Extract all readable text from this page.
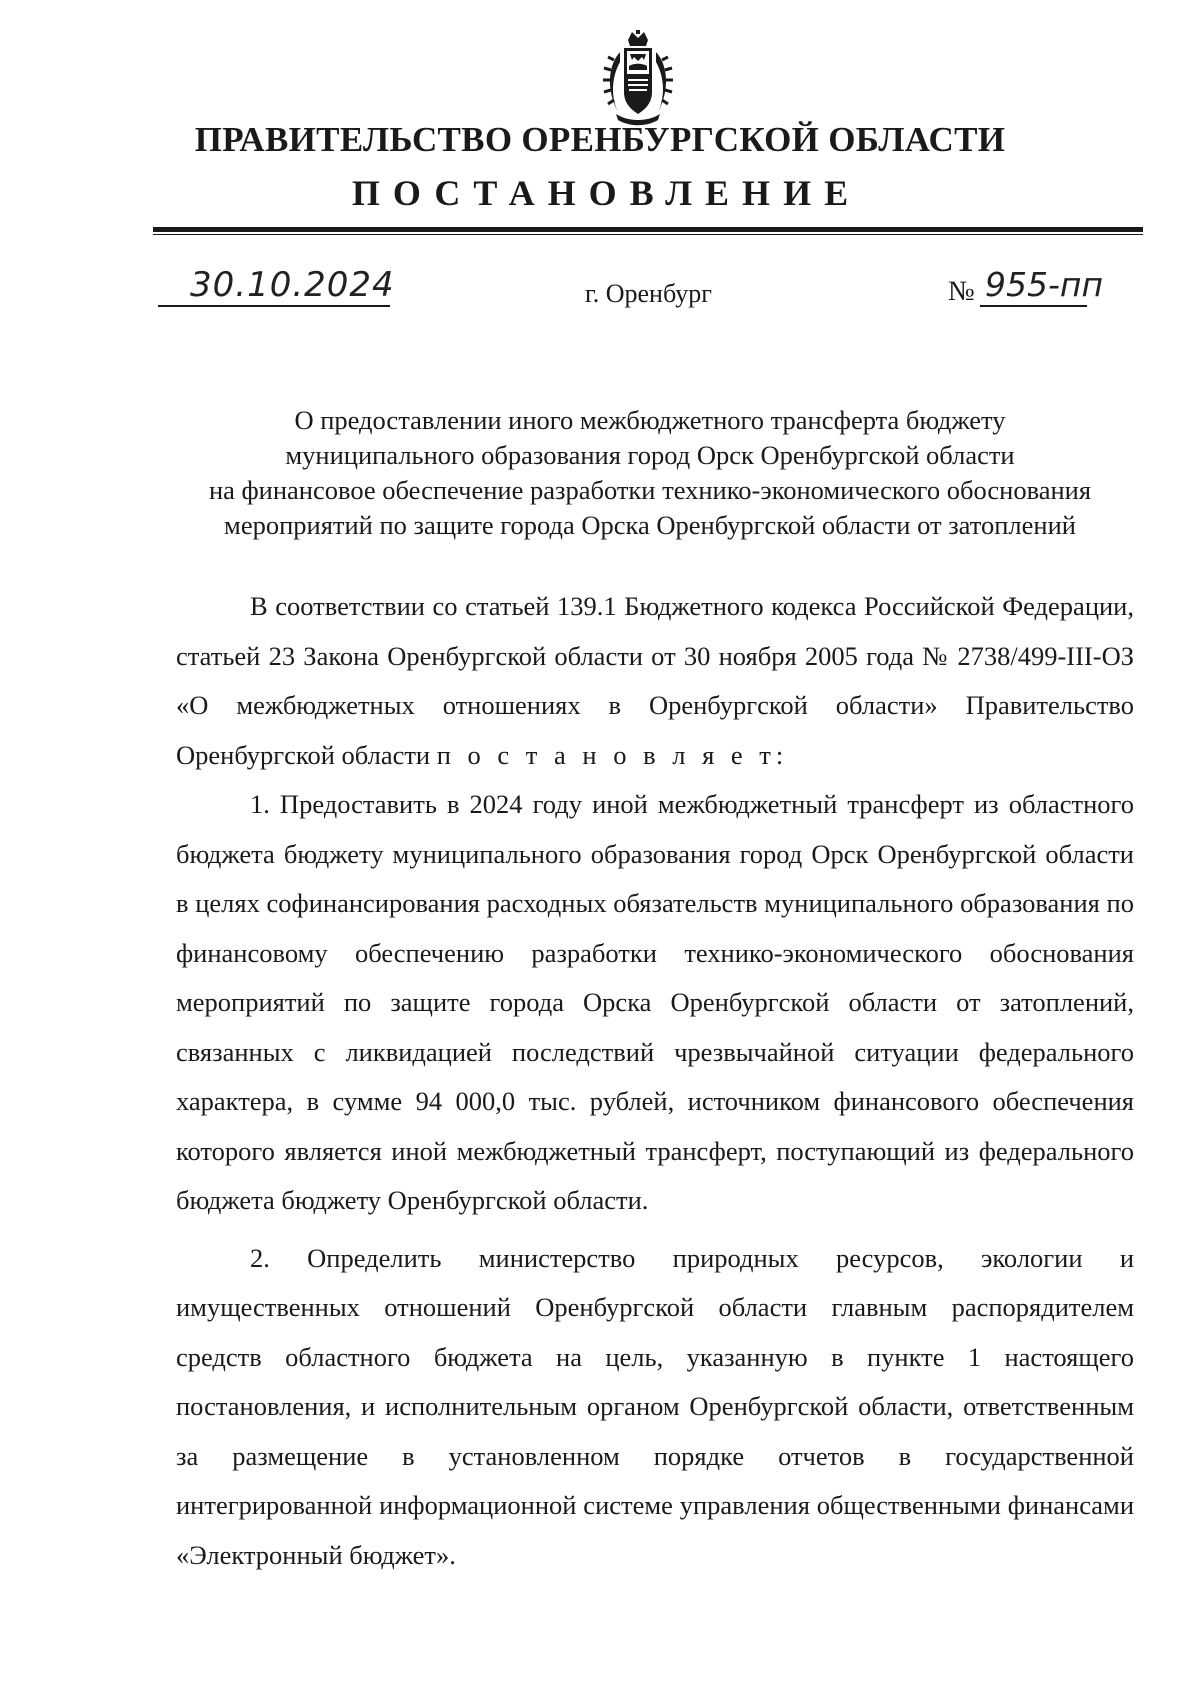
ПРАВИТЕЛЬСТВО ОРЕНБУРГСКОЙ ОБЛАСТИ
ПОСТАНОВЛЕНИЕ
30.10.2024	г. Оренбург	№ 955-пп
О предоставлении иного межбюджетного трансферта бюджету
муниципального образования город Орск Оренбургской области
на финансовое обеспечение разработки технико-экономического обоснования
мероприятий по защите города Орска Оренбургской области от затоплений

В соответствии со статьей 139.1 Бюджетного кодекса Российской Федерации, статьей 23 Закона Оренбургской области от 30 ноября 2005 года № 2738/499-III-ОЗ «О межбюджетных отношениях в Оренбургской области» Правительство Оренбургской области п о с т а н о в л я е т:

1. Предоставить в 2024 году иной межбюджетный трансферт из областного бюджета бюджету муниципального образования город Орск Оренбургской области в целях софинансирования расходных обязательств муниципального образования по финансовому обеспечению разработки технико-экономического обоснования мероприятий по защите города Орска Оренбургской области от затоплений, связанных с ликвидацией последствий чрезвычайной ситуации федерального характера, в сумме 94 000,0 тыс. рублей, источником финансового обеспечения которого является иной межбюджетный трансферт, поступающий из федерального бюджета бюджету Оренбургской области.

2. Определить министерство природных ресурсов, экологии и имущественных отношений Оренбургской области главным распорядителем средств областного бюджета на цель, указанную в пункте 1 настоящего постановления, и исполнительным органом Оренбургской области, ответственным за размещение в установленном порядке отчетов в государственной интегрированной информационной системе управления общественными финансами «Электронный бюджет».
